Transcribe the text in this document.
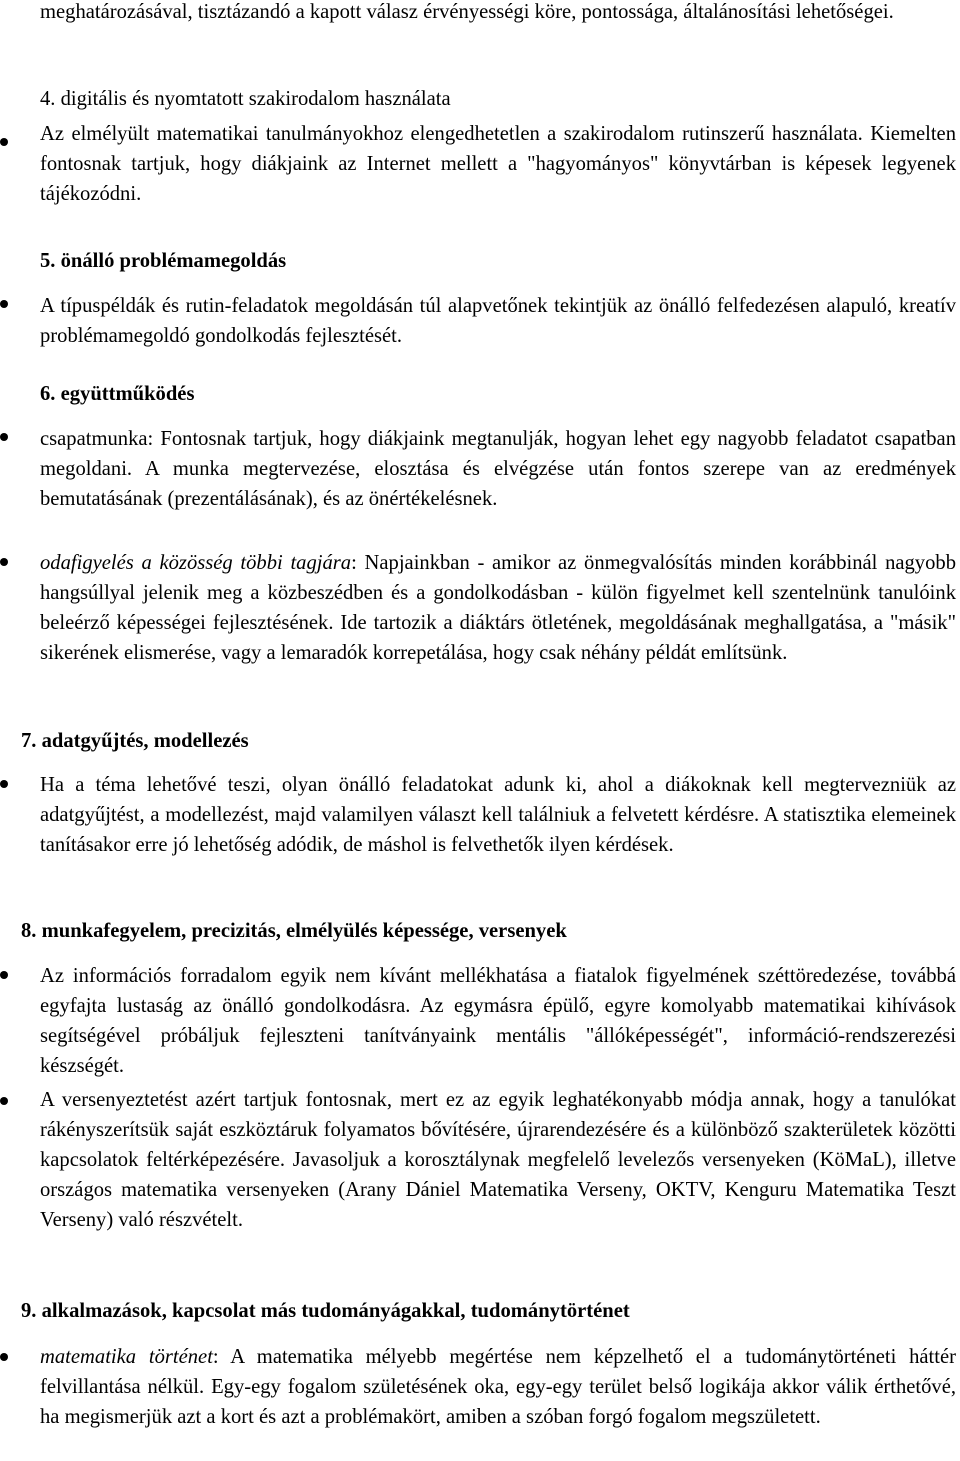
meghatározásával, tisztázandó a kapott válasz érvényességi köre, pontossága, általánosítási lehetőségei.

4. digitális és nyomtatott szakirodalom használata

Az elmélyült matematikai tanulmányokhoz elengedhetetlen a szakirodalom rutinszerű használata. Kiemelten fontosnak tartjuk, hogy diákjaink az Internet mellett a "hagyományos" könyvtárban is képesek legyenek tájékozódni.

5. önálló problémamegoldás

A típuspéldák és rutin-feladatok megoldásán túl alapvetőnek tekintjük az önálló felfedezésen alapuló, kreatív problémamegoldó gondolkodás fejlesztését.

6. együttműködés

csapatmunka: Fontosnak tartjuk, hogy diákjaink megtanulják, hogyan lehet egy nagyobb feladatot csapatban megoldani. A munka megtervezése, elosztása és elvégzése után fontos szerepe van az eredmények bemutatásának (prezentálásának), és az önértékelésnek.

odafigyelés a közösség többi tagjára: Napjainkban - amikor az önmegvalósítás minden korábbinál nagyobb hangsúllyal jelenik meg a közbeszédben és a gondolkodásban - külön figyelmet kell szentelnünk tanulóink beleérző képességei fejlesztésének. Ide tartozik a diáktárs ötletének, megoldásának meghallgatása, a "másik" sikerének elismerése, vagy a lemaradók korrepetálása, hogy csak néhány példát említsünk.

7. adatgyűjtés, modellezés

Ha a téma lehetővé teszi, olyan önálló feladatokat adunk ki, ahol a diákoknak kell megtervezniük az adatgyűjtést, a modellezést, majd valamilyen választ kell találniuk a felvetett kérdésre. A statisztika elemeinek tanításakor erre jó lehetőség adódik, de máshol is felvethetők ilyen kérdések.

8. munkafegyelem, precizitás, elmélyülés képessége, versenyek

Az információs forradalom egyik nem kívánt mellékhatása a fiatalok figyelmének széttöredezése, továbbá egyfajta lustaság az önálló gondolkodásra. Az egymásra épülő, egyre komolyabb matematikai kihívások segítségével próbáljuk fejleszteni tanítványaink mentális "állóképességét", információ-rendszerezési készségét.

A versenyeztetést azért tartjuk fontosnak, mert ez az egyik leghatékonyabb módja annak, hogy a tanulókat rákényszerítsük saját eszköztáruk folyamatos bővítésére, újrarendezésére és a különböző szakterületek közötti kapcsolatok feltérképezésére. Javasoljuk a korosztálynak megfelelő levelezős versenyeken (KöMaL), illetve országos matematika versenyeken (Arany Dániel Matematika Verseny, OKTV, Kenguru Matematika Teszt Verseny) való részvételt.

9. alkalmazások, kapcsolat más tudományágakkal, tudománytörténet

matematika történet: A matematika mélyebb megértése nem képzelhető el a tudománytörténeti háttér felvillantása nélkül. Egy-egy fogalom születésének oka, egy-egy terület belső logikája akkor válik érthetővé, ha megismerjük azt a kort és azt a problémakört, amiben a szóban forgó fogalom megszületett.
